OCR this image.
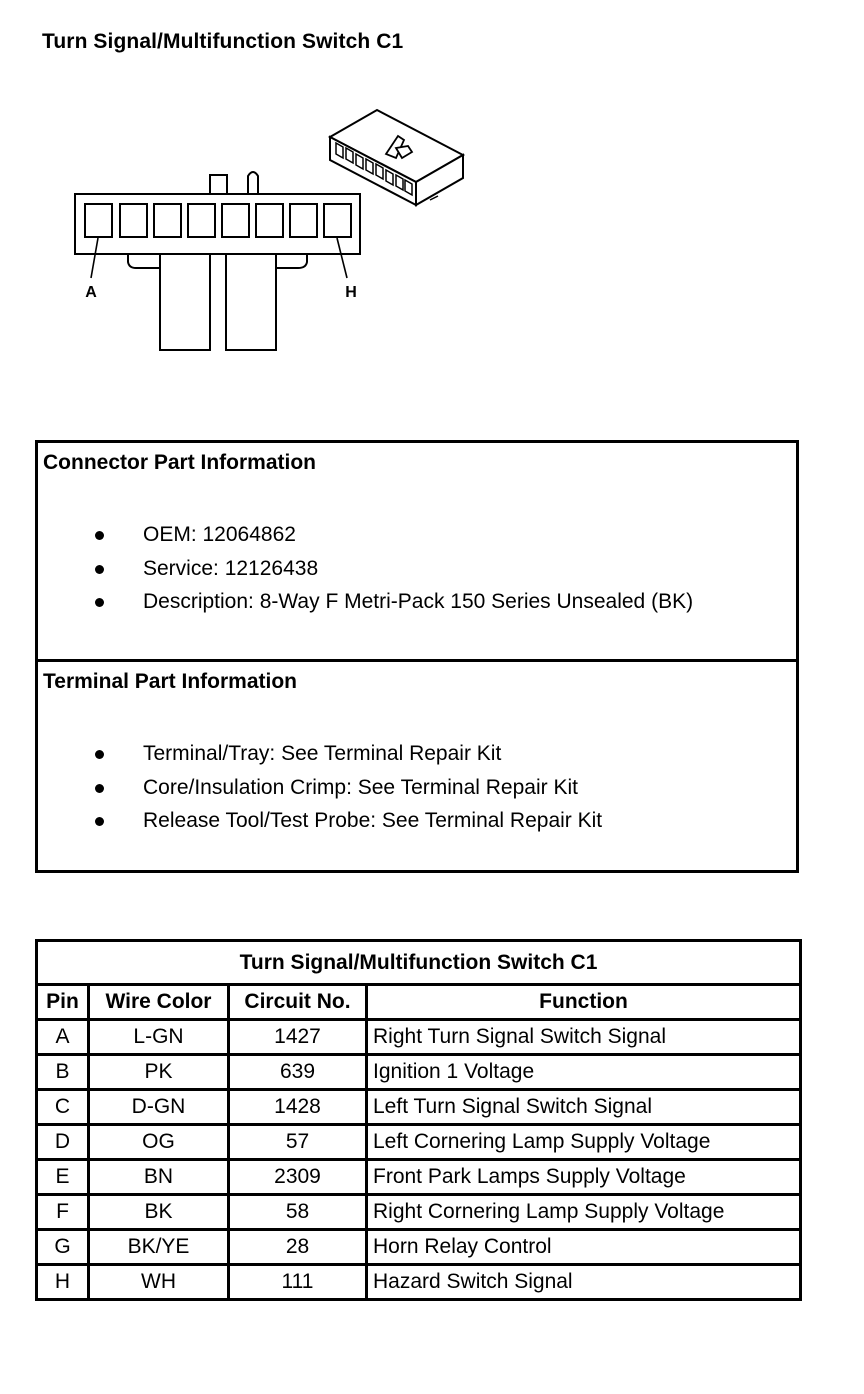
Turn Signal/Multifunction Switch C1
A	H
Connector Part Information
OEM: 12064862
Service: 12126438
Description: 8-Way F Metri-Pack 150 Series Unsealed (BK)
Terminal Part Information
Terminal/Tray: See Terminal Repair Kit
Core/Insulation Crimp: See Terminal Repair Kit
Release Tool/Test Probe: See Terminal Repair Kit
Turn Signal/Multifunction Switch C1			
Pin	Wire Color	Circuit No.	Function
A	L-GN	1427	Right Turn Signal Switch Signal
B	PK	639	Ignition 1 Voltage
C	D-GN	1428	Left Turn Signal Switch Signal
D	OG	57	Left Cornering Lamp Supply Voltage
E	BN	2309	Front Park Lamps Supply Voltage
F	BK	58	Right Cornering Lamp Supply Voltage
G	BK/YE	28	Horn Relay Control
H	WH	111	Hazard Switch Signal
